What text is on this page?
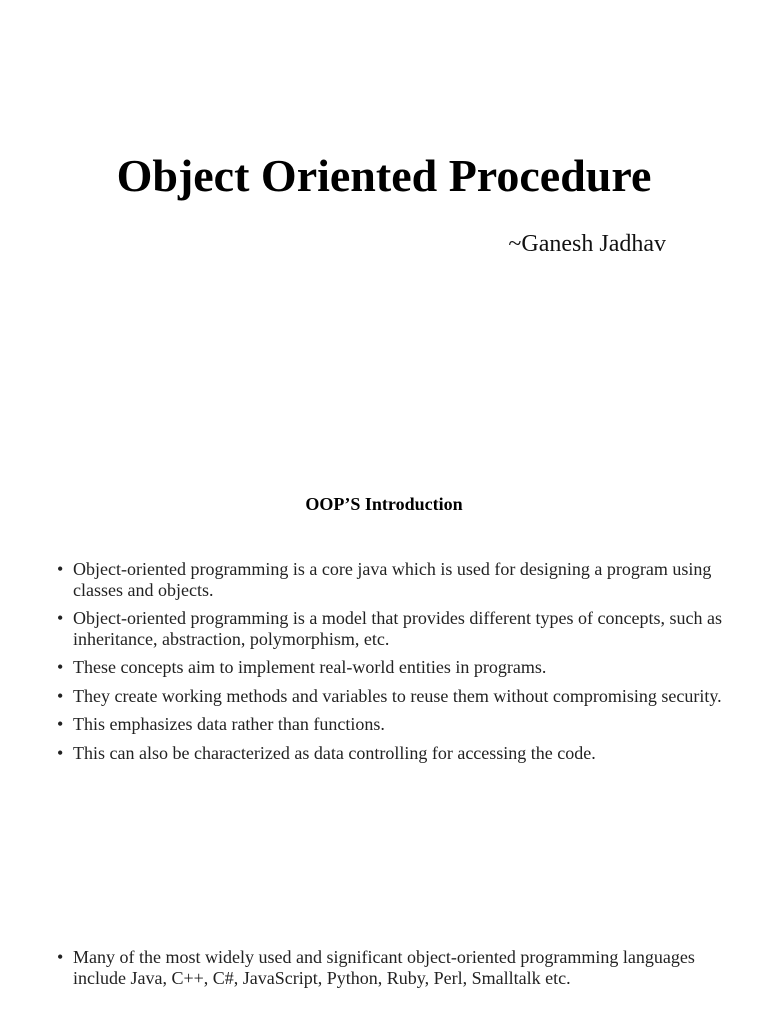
Object Oriented Procedure
~Ganesh Jadhav
OOP’S Introduction
• Object-oriented programming is a core java which is used for designing a program using classes and objects.
• Object-oriented programming is a model that provides different types of concepts, such as inheritance, abstraction, polymorphism, etc.
• These concepts aim to implement real-world entities in programs.
• They create working methods and variables to reuse them without compromising security.
• This emphasizes data rather than functions.
• This can also be characterized as data controlling for accessing the code.
• Many of the most widely used and significant object-oriented programming languages include Java, C++, C#, JavaScript, Python, Ruby, Perl, Smalltalk etc.
